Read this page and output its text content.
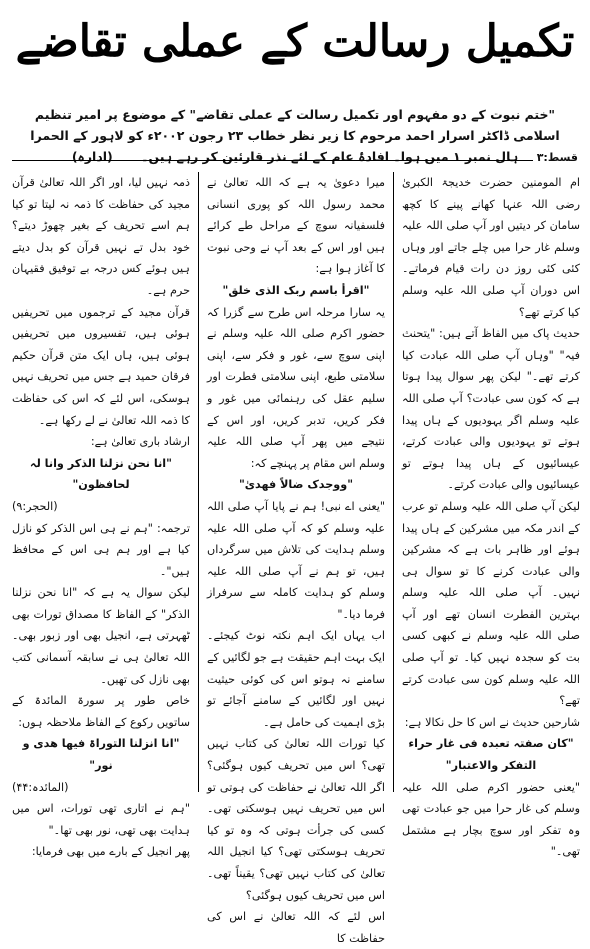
تکمیل رسالت کے عملی تقاضے
"ختم نبوت کے دو مفہوم اور تکمیل رسالت کے عملی تقاضے" کے موضوع پر امیر تنظیم اسلامی ڈاکٹر اسرار احمد مرحوم کا زیر نظر خطاب ۲۳ رجون ۲۰۰۲ء کو لاہور کے الحمرا ہال نمبر ۱ میں ہوا۔ افادۂ عام کے لئے نذر قارئین کر رہے ہیں۔ (ادارہ)	قسط:۳

ام المومنین حضرت خدیجۃ الکبریٰ رضی اللہ عنہا کھانے پینے کا کچھ سامان کر دیتیں اور آپ صلی اللہ علیہ وسلم غار حرا میں چلے جاتے اور وہاں کئی کئی روز دن رات قیام فرماتے۔ اس دوران آپ صلی اللہ علیہ وسلم کیا کرتے تھے؟

حدیث پاک میں الفاظ آتے ہیں: "یتحنث فیہ" "وہاں آپ صلی اللہ عبادت کیا کرتے تھے۔" لیکن پھر سوال پیدا ہوتا ہے کہ کون سی عبادت؟ آپ صلی اللہ علیہ وسلم اگر یہودیوں کے ہاں پیدا ہوتے تو یہودیوں والی عبادت کرتے، عیسائیوں کے ہاں پیدا ہوتے تو عیسائیوں والی عبادت کرتے۔

لیکن آپ صلی اللہ علیہ وسلم تو عرب کے اندر مکہ میں مشرکین کے ہاں پیدا ہوئے اور ظاہر بات ہے کہ مشرکین والی عبادت کرنے کا تو سوال ہی نہیں۔ آپ صلی اللہ علیہ وسلم بہترین الفطرت انسان تھے اور آپ صلی اللہ علیہ وسلم نے کبھی کسی بت کو سجدہ نہیں کیا۔ تو آپ صلی اللہ علیہ وسلم کون سی عبادت کرتے تھے؟

شارحین حدیث نے اس کا حل نکالا ہے:

"کان صفتہ تعبدہ فی غار حراء التفکر والاعتبار"

"یعنی حضور اکرم صلی اللہ علیہ وسلم کی غار حرا میں جو عبادت تھی وہ تفکر اور سوچ بچار ہے مشتمل تھی۔"

میرا دعویٰ یہ ہے کہ اللہ تعالیٰ نے محمد رسول اللہ کو پوری انسانی فلسفیانہ سوچ کے مراحل طے کرائے ہیں اور اس کے بعد آپ نے وحی نبوت کا آغاز ہوا ہے:

"اقرأ باسم ربک الذی خلق"

یہ سارا مرحلہ اس طرح سے گزرا کہ حضور اکرم صلی اللہ علیہ وسلم نے اپنی سوچ سے، غور و فکر سے، اپنی سلامتی طبع، اپنی سلامتی فطرت اور سلیم عقل کی رہنمائی میں غور و فکر کریں، تدبر کریں، اور اس کے نتیجے میں پھر آپ صلی اللہ علیہ وسلم اس مقام پر پہنچے کہ:

"ووجدک ضالاً فھدیٰ"

"یعنی اے نبی! ہم نے پایا آپ صلی اللہ علیہ وسلم کو کہ آپ صلی اللہ علیہ وسلم ہدایت کی تلاش میں سرگرداں ہیں، تو ہم نے آپ صلی اللہ علیہ وسلم کو ہدایت کاملہ سے سرفراز فرما دیا۔"

اب یہاں ایک اہم نکتہ نوٹ کیجئے۔ ایک بہت اہم حقیقت ہے جو لگائیں کے سامنے نہ ہوتو اس کی کوئی حیثیت نہیں اور لگائیں کے سامنے آجائے تو بڑی اہمیت کی حامل ہے۔

کیا تورات اللہ تعالیٰ کی کتاب نہیں تھی؟ اس میں تحریف کیوں ہوگئی؟ اگر اللہ تعالیٰ نے حفاظت کی ہوتی تو اس میں تحریف نہیں ہوسکتی تھی۔ کسی کی جرأت ہوتی کہ وہ تو کیا تحریف ہوسکتی تھی؟ کیا انجیل اللہ تعالیٰ کی کتاب نہیں تھی؟ یقیناً تھی۔ اس میں تحریف کیوں ہوگئی؟

اس لئے کہ اللہ تعالیٰ نے اس کی حفاظت کا

ذمہ نہیں لیا، اور اگر اللہ تعالیٰ قرآن مجید کی حفاظت کا ذمہ نہ لیتا تو کیا ہم اسے تحریف کے بغیر چھوڑ دیتے؟ خود بدل تے نہیں قرآن کو بدل دیتے ہیں ہوئے کس درجہ بے توفیق فقیہان حرم ہے۔

قرآن مجید کے ترجموں میں تحریفیں ہوئی ہیں، تفسیروں میں تحریفیں ہوئی ہیں، ہاں ایک متن قرآن حکیم فرقان حمید ہے جس میں تحریف نہیں ہوسکی، اس لئے کہ اس کی حفاظت کا ذمہ اللہ تعالیٰ نے لے رکھا ہے۔

ارشاد باری تعالیٰ ہے:

"انا نحن نزلنا الذکر وانا لہ لحافظون"

(الحجر:۹)

ترجمہ: "ہم نے ہی اس الذکر کو نازل کیا ہے اور ہم ہی اس کے محافظ ہیں"۔

لیکن سوال یہ ہے کہ "انا نحن نزلنا الذکر" کے الفاظ کا مصداق تورات بھی ٹھہرتی ہے، انجیل بھی اور زبور بھی۔ اللہ تعالیٰ ہی نے سابقہ آسمانی کتب بھی نازل کی تھیں۔

خاص طور پر سورۃ المائدۃ کے ساتویں رکوع کے الفاظ ملاحظہ ہوں:

"انا انزلنا التوراۃ فیھا ھدی و نور"

(المائدہ:۴۴)

"ہم نے اتاری تھی تورات، اس میں ہدایت بھی تھی، نور بھی تھا۔"

پھر انجیل کے بارے میں بھی فرمایا:
